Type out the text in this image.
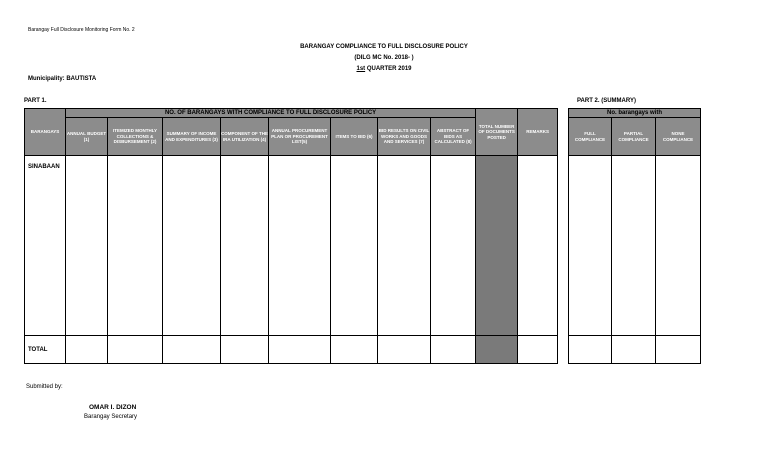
Barangay Full Disclosure Monitoring Form No. 2
BARANGAY COMPLIANCE TO FULL DISCLOSURE POLICY
(DILG MC No. 2018- )
1st QUARTER 2019
Municipality: BAUTISTA
PART 1.	PART 2. (SUMMARY)
BARANGAYS	NO. OF BARANGAYS WITH COMPLIANCE TO FULL DISCLOSURE POLICY								TOTAL NUMBER OF DOCUMENTS POSTED	REMARKS
	ANNUAL BUDGET (1)	ITEMIZED MONTHLY COLLECTIONS & DISBURSEMENT (2)	SUMMARY OF INCOME AND EXPENDITURES (3)	COMPONENT OF THE IRA UTILIZATION (4)	ANNUAL PROCUREMENT PLAN OR PROCUREMENT LIST(5)	ITEMS TO BID (6)	BID RESULTS ON CIVIL WORKS AND GOODS AND SERVICES (7)	ABSTRACT OF BIDS AS CALCULATED (8)		
SINABAAN										
TOTAL										
No. barangays with		
FULL COMPLIANCE	PARTIAL COMPLIANCE	NONE COMPLIANCE

Submitted by:
OMAR I. DIZON
Barangay Secretary
